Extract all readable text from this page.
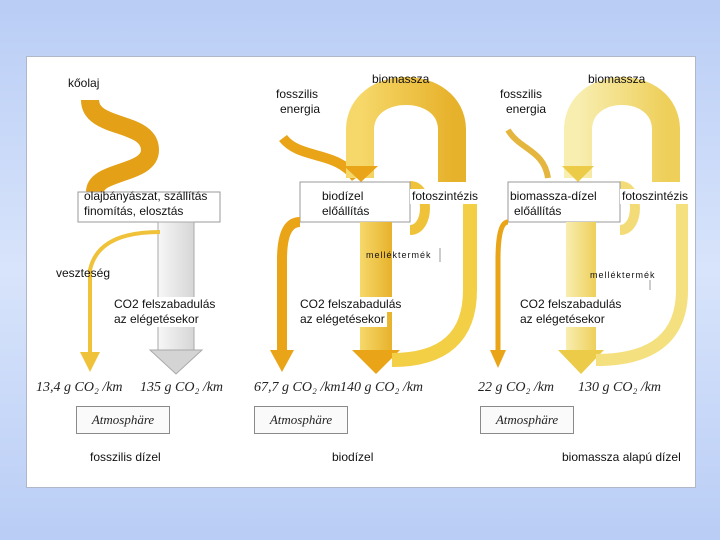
kőolaj
olajbányászat, szállítás
finomítás, elosztás
veszteség
CO2 felszabadulás
az elégetésekor
13,4 g CO₂ /km 135 g CO₂ /km
Atmosphäre
fosszilis dízel
fosszilis
energia
biomassza
biodízel
előállítás
fotoszintézis
melléktermék
CO2 felszabadulás
az elégetésekor
67,7 g CO₂ /km 140 g CO₂ /km
Atmosphäre
biodízel
fosszilis
energia
biomassza
biomassza-dízel
előállítás
fotoszintézis
melléktermék
CO2 felszabadulás
az elégetésekor
22 g CO₂ /km 130 g CO₂ /km
Atmosphäre
biomassza alapú dízel
